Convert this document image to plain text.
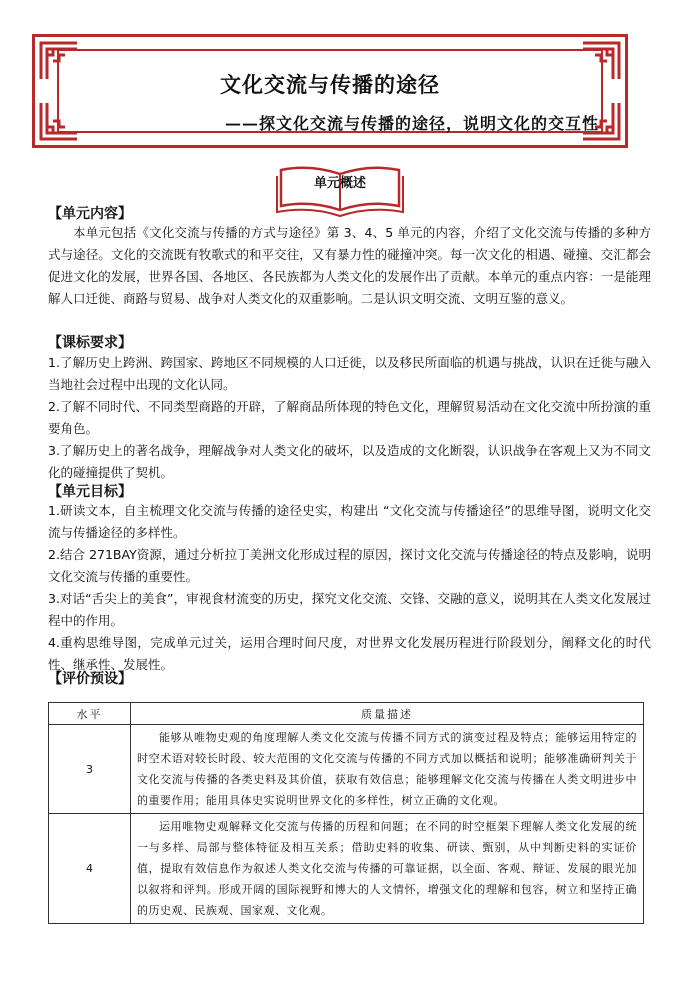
文化交流与传播的途径
——探文化交流与传播的途径，说明文化的交互性
单元概述
【单元内容】

本单元包括《文化交流与传播的方式与途径》第 3、4、5 单元的内容，介绍了文化交流与传播的多种方式与途径。文化的交流既有牧歌式的和平交往，又有暴力性的碰撞冲突。每一次文化的相遇、碰撞、交汇都会促进文化的发展，世界各国、各地区、各民族都为人类文化的发展作出了贡献。本单元的重点内容：一是能理解人口迁徙、商路与贸易、战争对人类文化的双重影响。二是认识文明交流、文明互鉴的意义。

【课标要求】

1.了解历史上跨洲、跨国家、跨地区不同规模的人口迁徙，以及移民所面临的机遇与挑战，认识在迁徙与融入当地社会过程中出现的文化认同。

2.了解不同时代、不同类型商路的开辟，了解商品所体现的特色文化，理解贸易活动在文化交流中所扮演的重要角色。

3.了解历史上的著名战争，理解战争对人类文化的破坏，以及造成的文化断裂，认识战争在客观上又为不同文化的碰撞提供了契机。

【单元目标】

1.研读文本，自主梳理文化交流与传播的途径史实，构建出 “文化交流与传播途径”的思维导图，说明文化交流与传播途径的多样性。

2.结合 271BAY资源，通过分析拉丁美洲文化形成过程的原因，探讨文化交流与传播途径的特点及影响，说明文化交流与传播的重要性。

3.对话“舌尖上的美食”，审视食材流变的历史，探究文化交流、交锋、交融的意义，说明其在人类文化发展过程中的作用。

4.重构思维导图，完成单元过关，运用合理时间尺度，对世界文化发展历程进行阶段划分，阐释文化的时代性、继承性、发展性。

【评价预设】
水平	质量描述
3	能够从唯物史观的角度理解人类文化交流与传播不同方式的演变过程及特点；能够运用特定的时空术语对较长时段、较大范围的文化交流与传播的不同方式加以概括和说明；能够准确研判关于文化交流与传播的各类史料及其价值，获取有效信息；能够理解文化交流与传播在人类文明进步中的重要作用；能用具体史实说明世界文化的多样性，树立正确的文化观。
4	运用唯物史观解释文化交流与传播的历程和问题；在不同的时空框架下理解人类文化发展的统一与多样、局部与整体特征及相互关系；借助史料的收集、研读、甄别，从中判断史料的实证价值，提取有效信息作为叙述人类文化交流与传播的可靠证据，以全面、客观、辩证、发展的眼光加以叙将和评判。形成开阔的国际视野和博大的人文情怀，增强文化的理解和包容，树立和坚持正确的历史观、民族观、国家观、文化观。
